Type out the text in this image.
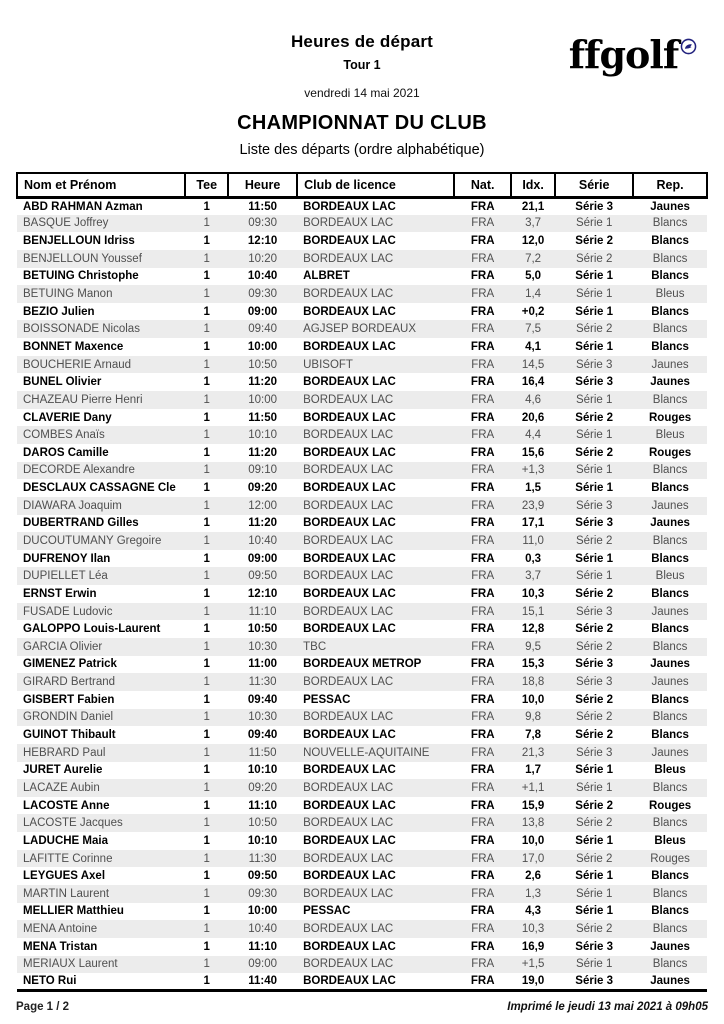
Heures de départ
Tour 1
vendredi 14 mai 2021
ffgolf
CHAMPIONNAT DU CLUB
Liste des départs (ordre alphabétique)
Nom et Prénom	Tee	Heure	Club de licence	Nat.	Idx.	Série	Rep.
ABD RAHMAN Azman	1	11:50	BORDEAUX LAC	FRA	21,1	Série 3	Jaunes
BASQUE Joffrey	1	09:30	BORDEAUX LAC	FRA	3,7	Série 1	Blancs
BENJELLOUN Idriss	1	12:10	BORDEAUX LAC	FRA	12,0	Série 2	Blancs
BENJELLOUN Youssef	1	10:20	BORDEAUX LAC	FRA	7,2	Série 2	Blancs
BETUING Christophe	1	10:40	ALBRET	FRA	5,0	Série 1	Blancs
BETUING Manon	1	09:30	BORDEAUX LAC	FRA	1,4	Série 1	Bleus
BEZIO Julien	1	09:00	BORDEAUX LAC	FRA	+0,2	Série 1	Blancs
BOISSONADE Nicolas	1	09:40	AGJSEP BORDEAUX	FRA	7,5	Série 2	Blancs
BONNET Maxence	1	10:00	BORDEAUX LAC	FRA	4,1	Série 1	Blancs
BOUCHERIE Arnaud	1	10:50	UBISOFT	FRA	14,5	Série 3	Jaunes
BUNEL Olivier	1	11:20	BORDEAUX LAC	FRA	16,4	Série 3	Jaunes
CHAZEAU Pierre Henri	1	10:00	BORDEAUX LAC	FRA	4,6	Série 1	Blancs
CLAVERIE Dany	1	11:50	BORDEAUX LAC	FRA	20,6	Série 2	Rouges
COMBES Anaïs	1	10:10	BORDEAUX LAC	FRA	4,4	Série 1	Bleus
DAROS Camille	1	11:20	BORDEAUX LAC	FRA	15,6	Série 2	Rouges
DECORDE Alexandre	1	09:10	BORDEAUX LAC	FRA	+1,3	Série 1	Blancs
DESCLAUX CASSAGNE Cle	1	09:20	BORDEAUX LAC	FRA	1,5	Série 1	Blancs
DIAWARA Joaquim	1	12:00	BORDEAUX LAC	FRA	23,9	Série 3	Jaunes
DUBERTRAND Gilles	1	11:20	BORDEAUX LAC	FRA	17,1	Série 3	Jaunes
DUCOUTUMANY Gregoire	1	10:40	BORDEAUX LAC	FRA	11,0	Série 2	Blancs
DUFRENOY Ilan	1	09:00	BORDEAUX LAC	FRA	0,3	Série 1	Blancs
DUPIELLET Léa	1	09:50	BORDEAUX LAC	FRA	3,7	Série 1	Bleus
ERNST Erwin	1	12:10	BORDEAUX LAC	FRA	10,3	Série 2	Blancs
FUSADE Ludovic	1	11:10	BORDEAUX LAC	FRA	15,1	Série 3	Jaunes
GALOPPO Louis-Laurent	1	10:50	BORDEAUX LAC	FRA	12,8	Série 2	Blancs
GARCIA Olivier	1	10:30	TBC	FRA	9,5	Série 2	Blancs
GIMENEZ Patrick	1	11:00	BORDEAUX METROP	FRA	15,3	Série 3	Jaunes
GIRARD Bertrand	1	11:30	BORDEAUX LAC	FRA	18,8	Série 3	Jaunes
GISBERT Fabien	1	09:40	PESSAC	FRA	10,0	Série 2	Blancs
GRONDIN Daniel	1	10:30	BORDEAUX LAC	FRA	9,8	Série 2	Blancs
GUINOT Thibault	1	09:40	BORDEAUX LAC	FRA	7,8	Série 2	Blancs
HEBRARD Paul	1	11:50	NOUVELLE-AQUITAINE	FRA	21,3	Série 3	Jaunes
JURET Aurelie	1	10:10	BORDEAUX LAC	FRA	1,7	Série 1	Bleus
LACAZE Aubin	1	09:20	BORDEAUX LAC	FRA	+1,1	Série 1	Blancs
LACOSTE Anne	1	11:10	BORDEAUX LAC	FRA	15,9	Série 2	Rouges
LACOSTE Jacques	1	10:50	BORDEAUX LAC	FRA	13,8	Série 2	Blancs
LADUCHE Maia	1	10:10	BORDEAUX LAC	FRA	10,0	Série 1	Bleus
LAFITTE Corinne	1	11:30	BORDEAUX LAC	FRA	17,0	Série 2	Rouges
LEYGUES Axel	1	09:50	BORDEAUX LAC	FRA	2,6	Série 1	Blancs
MARTIN Laurent	1	09:30	BORDEAUX LAC	FRA	1,3	Série 1	Blancs
MELLIER Matthieu	1	10:00	PESSAC	FRA	4,3	Série 1	Blancs
MENA Antoine	1	10:40	BORDEAUX LAC	FRA	10,3	Série 2	Blancs
MENA Tristan	1	11:10	BORDEAUX LAC	FRA	16,9	Série 3	Jaunes
MERIAUX Laurent	1	09:00	BORDEAUX LAC	FRA	+1,5	Série 1	Blancs
NETO Rui	1	11:40	BORDEAUX LAC	FRA	19,0	Série 3	Jaunes
Page 1 / 2	Imprimé le jeudi 13 mai 2021 à 09h05
